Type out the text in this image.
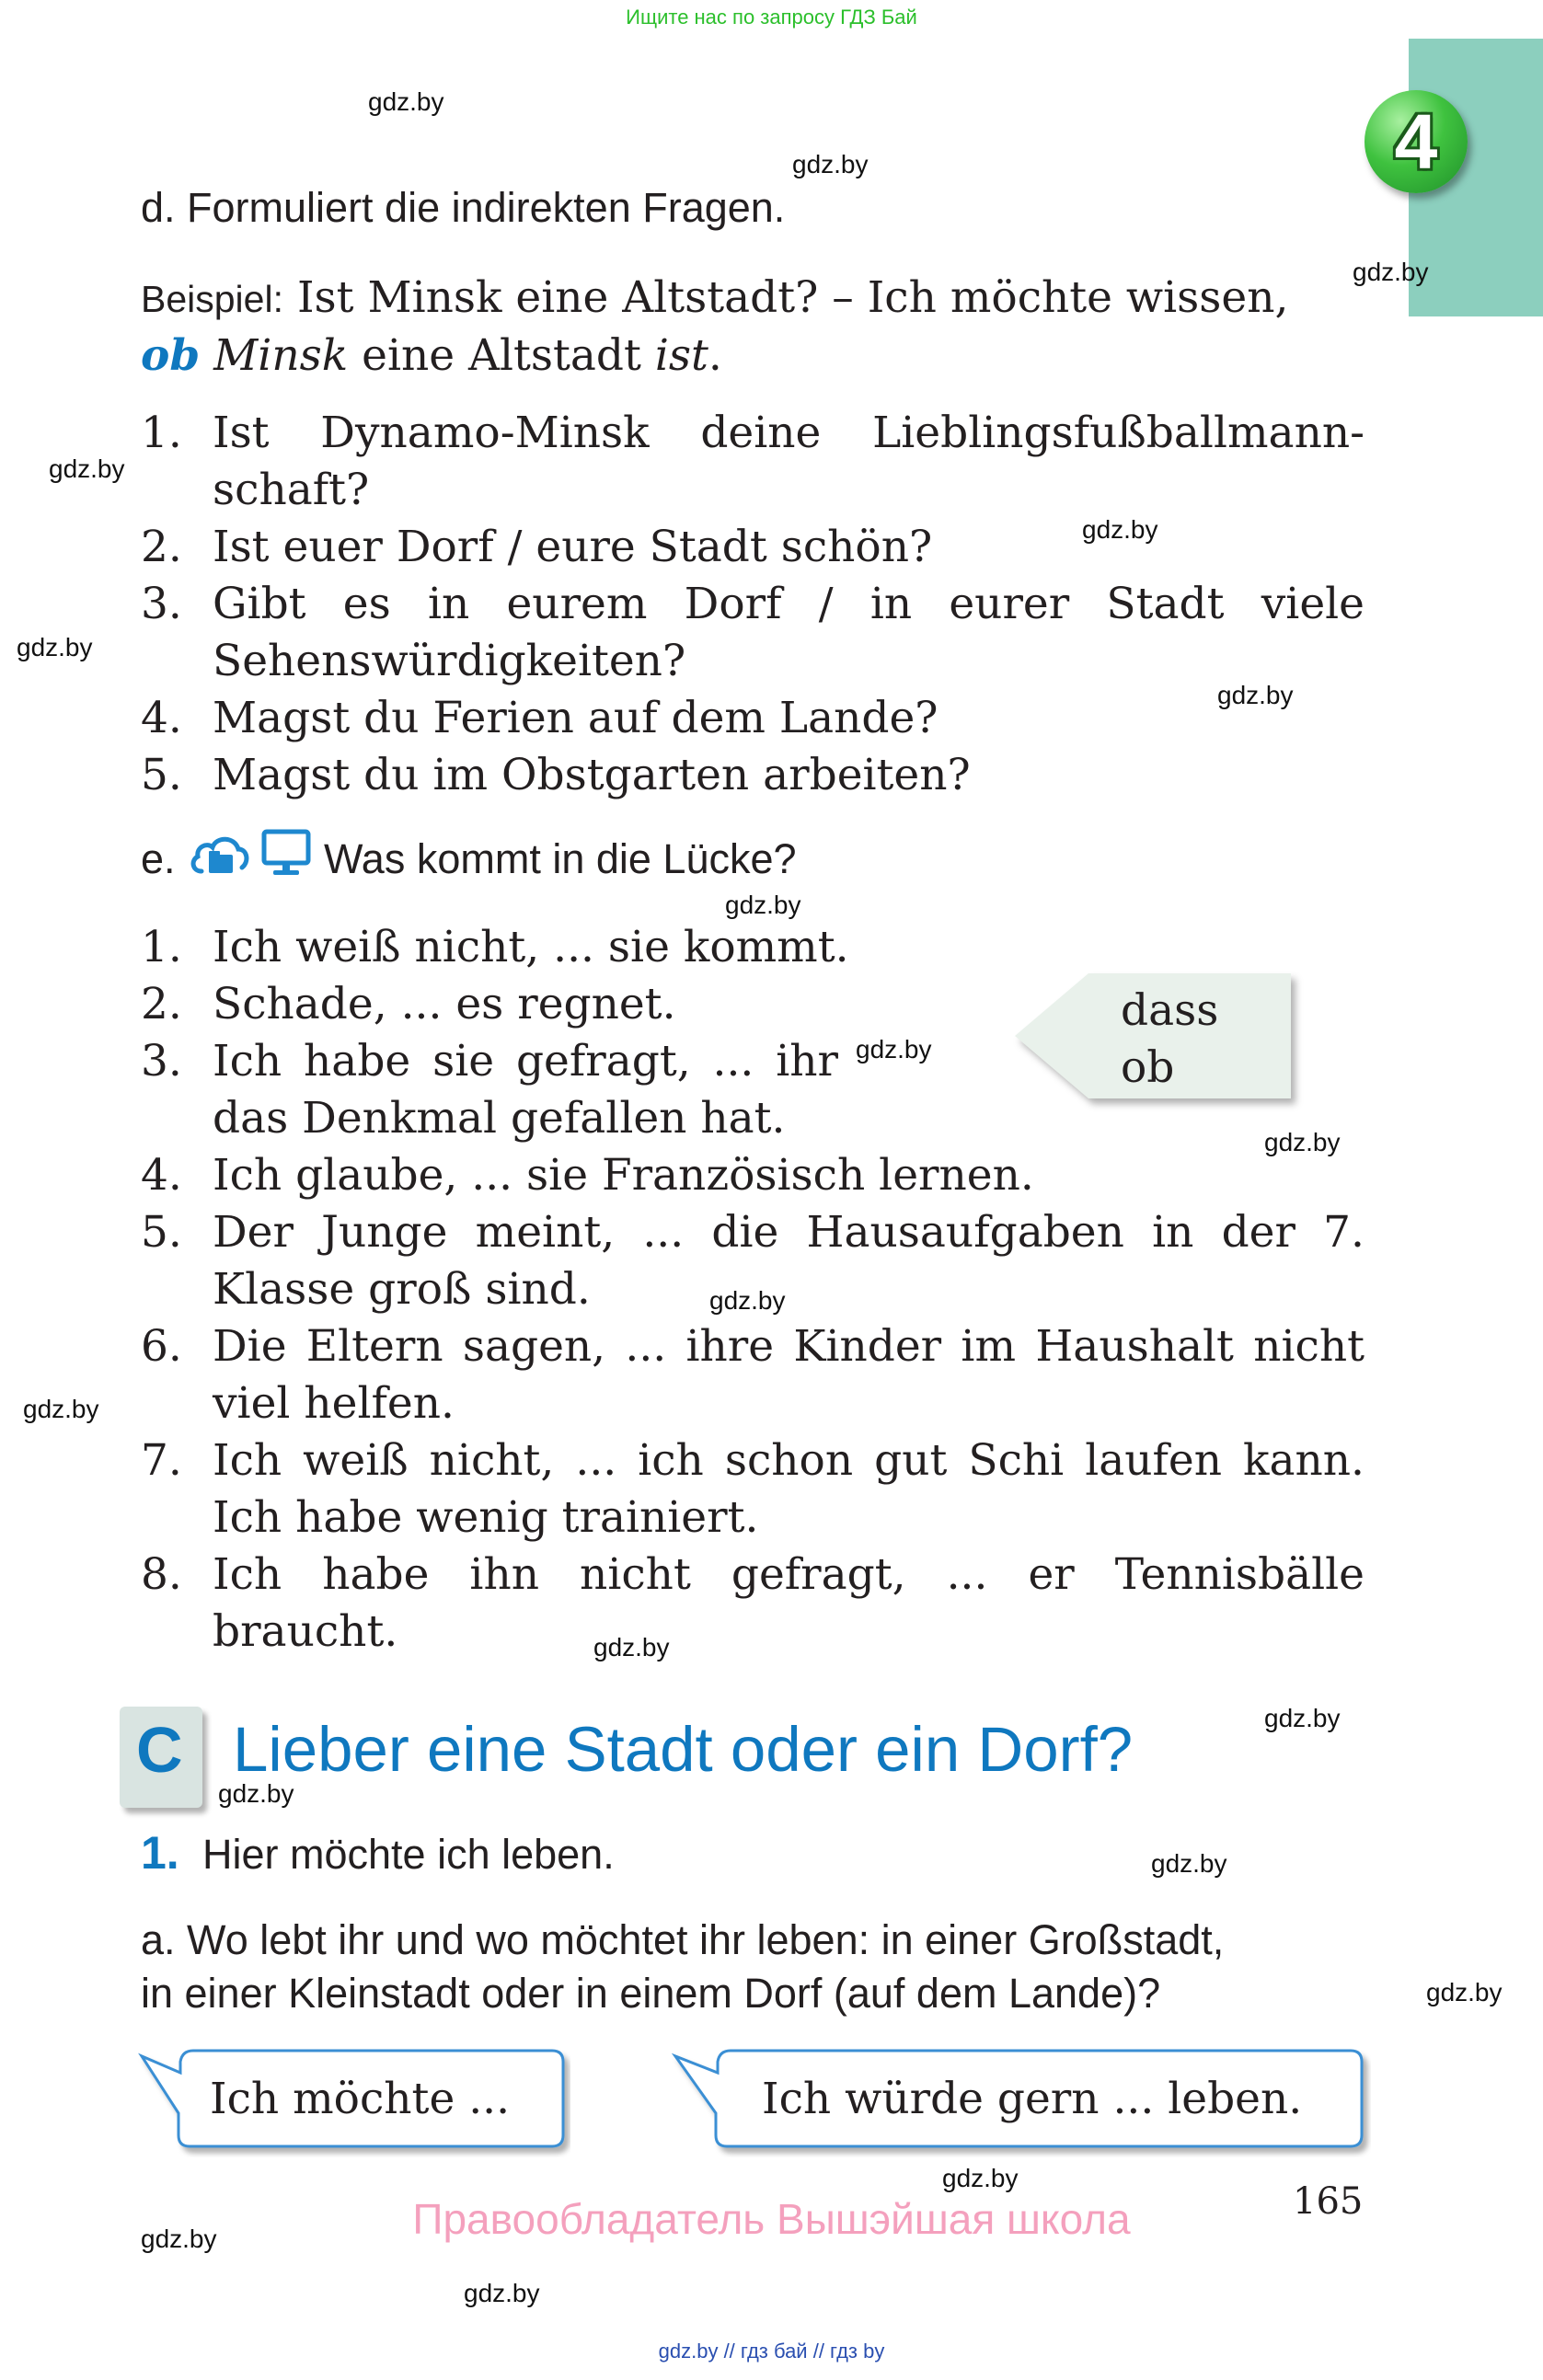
Ищите нас по запросу ГДЗ Бай
4
gdz.by
gdz.by
gdz.by
gdz.by
gdz.by
gdz.by
gdz.by
gdz.by
gdz.by
gdz.by
gdz.by
gdz.by
gdz.by
gdz.by
gdz.by
gdz.by
gdz.by
gdz.by
gdz.by
gdz.by
d. Formuliert die indirekten Fragen.
Beispiel: Ist Minsk eine Altstadt? – Ich möchte wissen,
ob Minsk eine Altstadt ist.
1. Ist Dynamo-Minsk deine Lieblingsfußballmann-schaft?
2. Ist euer Dorf / eure Stadt schön?
3. Gibt es in eurem Dorf / in eurer Stadt viele Sehenswürdigkeiten?
4. Magst du Ferien auf dem Lande?
5. Magst du im Obstgarten arbeiten?
e.	Was kommt in die Lücke?
1. Ich weiß nicht, ... sie kommt.
2. Schade, ... es regnet.
3. Ich habe sie gefragt, ... ihr das Denkmal gefallen hat.
4. Ich glaube, ... sie Französisch lernen.
5. Der Junge meint, ... die Hausaufgaben in der 7. Klasse groß sind.
6. Die Eltern sagen, ... ihre Kinder im Haushalt nicht viel helfen.
7. Ich weiß nicht, ... ich schon gut Schi laufen kann. Ich habe wenig trainiert.
8. Ich habe ihn nicht gefragt, ... er Tennisbälle braucht.
dass
ob
C Lieber eine Stadt oder ein Dorf?
1. Hier möchte ich leben.
a. Wo lebt ihr und wo möchtet ihr leben: in einer Großstadt,
in einer Kleinstadt oder in einem Dorf (auf dem Lande)?
Ich möchte ...	Ich würde gern ... leben.
165
Правообладатель Вышэйшая школа
gdz.by // гдз бай // гдз by
